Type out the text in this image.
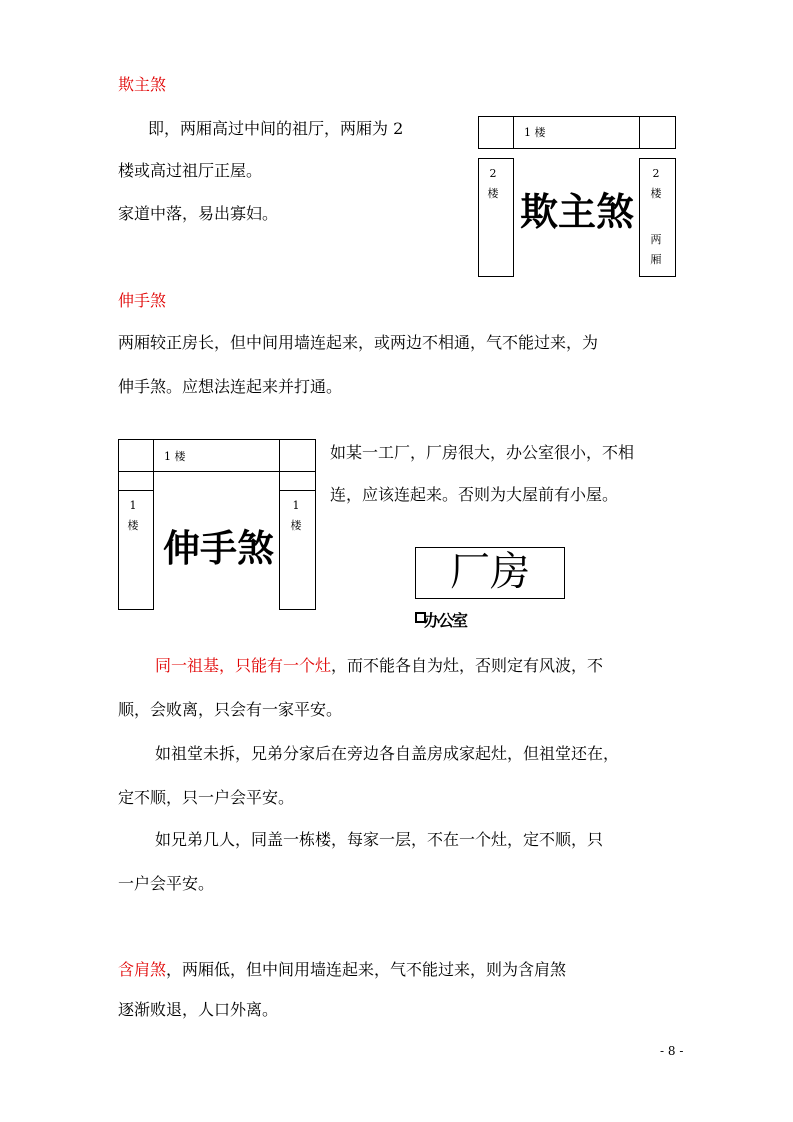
欺主煞
即，两厢高过中间的祖厅，两厢为 2
楼或高过祖厅正屋。
家道中落，易出寡妇。
1 楼
2
楼
2
楼
两
厢
欺主煞
伸手煞
两厢较正房长，但中间用墙连起来，或两边不相通，气不能过来，为
伸手煞。应想法连起来并打通。
1 楼
1
楼
1
楼
伸手煞
如某一工厂，厂房很大，办公室很小，不相
连，应该连起来。否则为大屋前有小屋。
厂房
办公室
同一祖基，只能有一个灶，而不能各自为灶，否则定有风波，不
顺，会败离，只会有一家平安。
如祖堂未拆，兄弟分家后在旁边各自盖房成家起灶，但祖堂还在，
定不顺，只一户会平安。
如兄弟几人，同盖一栋楼，每家一层，不在一个灶，定不顺，只
一户会平安。
含肩煞，两厢低，但中间用墙连起来，气不能过来，则为含肩煞
逐渐败退，人口外离。
- 8 -
